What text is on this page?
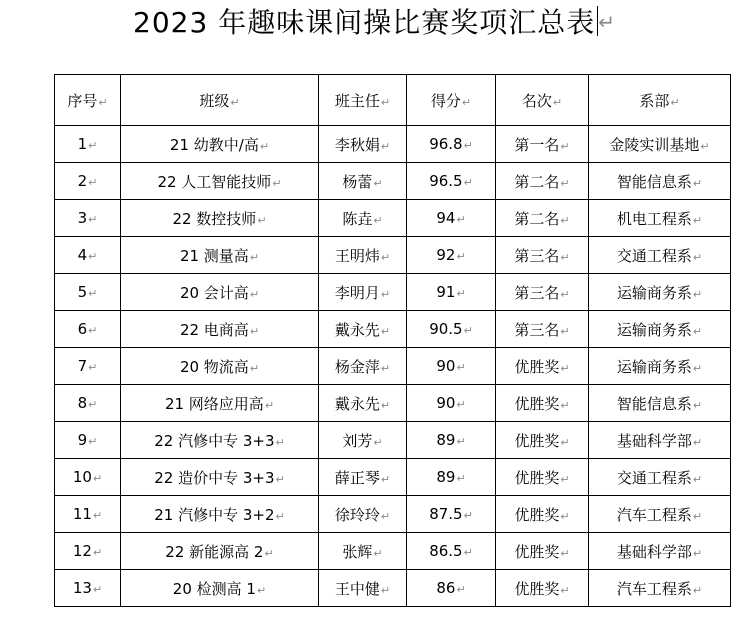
2023 年趣味课间操比赛奖项汇总表 ↵
序号↵	班级↵	班主任↵	得分↵	名次↵	系部↵
1↵	21 幼教中/高↵	李秋娟↵	96.8↵	第一名↵	金陵实训基地↵
2↵	22 人工智能技师↵	杨蕾↵	96.5↵	第二名↵	智能信息系↵
3↵	22 数控技师↵	陈垚↵	94↵	第二名↵	机电工程系↵
4↵	21 测量高↵	王明炜↵	92↵	第三名↵	交通工程系↵
5↵	20 会计高↵	李明月↵	91↵	第三名↵	运输商务系↵
6↵	22 电商高↵	戴永先↵	90.5↵	第三名↵	运输商务系↵
7↵	20 物流高↵	杨金萍↵	90↵	优胜奖↵	运输商务系↵
8↵	21 网络应用高↵	戴永先↵	90↵	优胜奖↵	智能信息系↵
9↵	22 汽修中专 3+3↵	刘芳↵	89↵	优胜奖↵	基础科学部↵
10↵	22 造价中专 3+3↵	薛正琴↵	89↵	优胜奖↵	交通工程系↵
11↵	21 汽修中专 3+2↵	徐玲玲↵	87.5↵	优胜奖↵	汽车工程系↵
12↵	22 新能源高 2↵	张辉↵	86.5↵	优胜奖↵	基础科学部↵
13↵	20 检测高 1↵	王中健↵	86↵	优胜奖↵	汽车工程系↵
